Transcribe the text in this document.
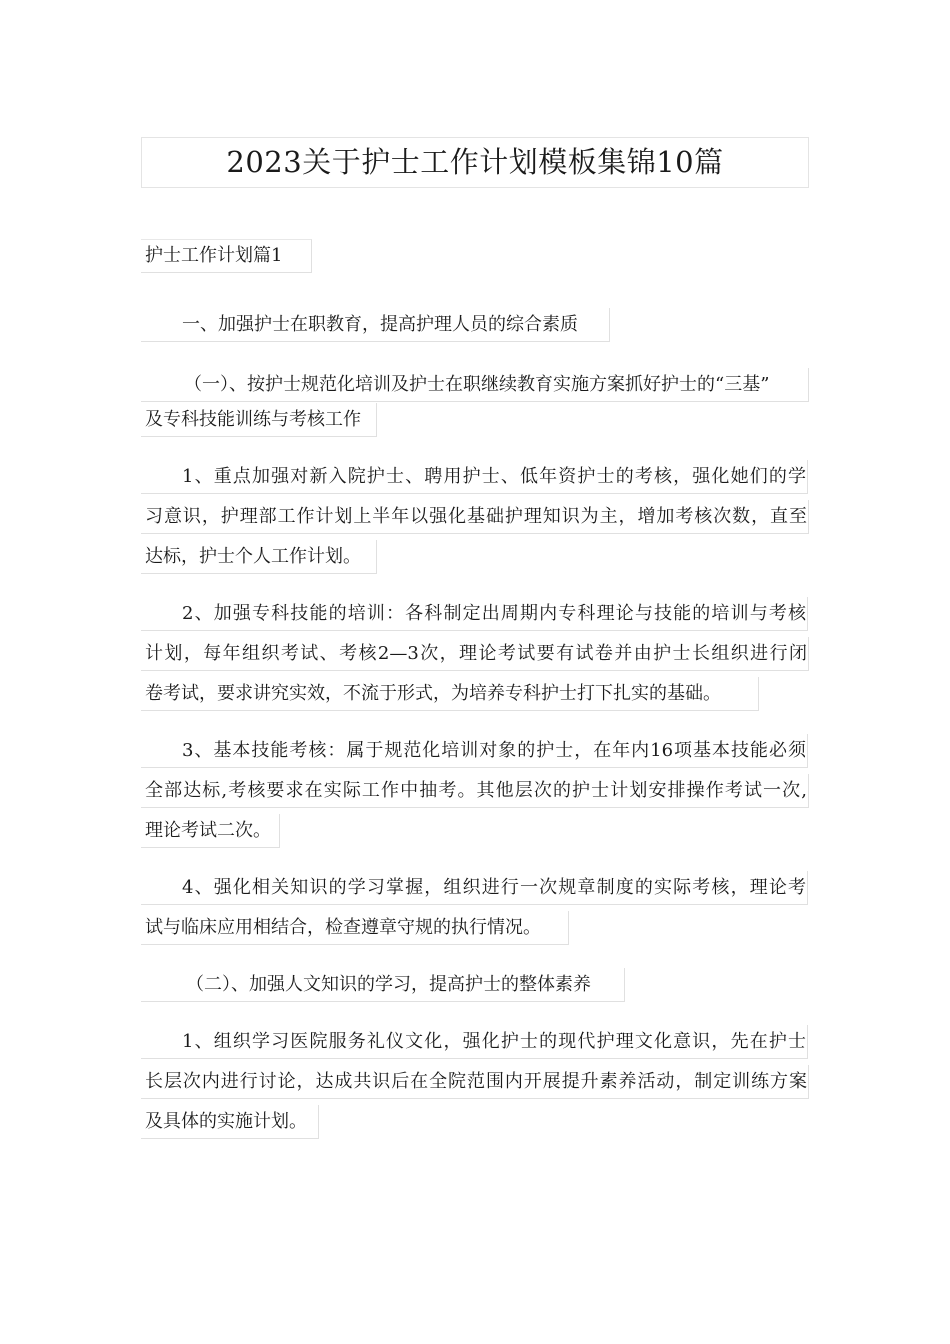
2023关于护士工作计划模板集锦10篇
护士工作计划篇1
一、加强护士在职教育，提高护理人员的综合素质
（一）、按护士规范化培训及护士在职继续教育实施方案抓好护士的“三基”
及专科技能训练与考核工作
1、重点加强对新入院护士、聘用护士、低年资护士的考核，强化她们的学
习意识，护理部工作计划上半年以强化基础护理知识为主，增加考核次数，直至
达标，护士个人工作计划。
2、加强专科技能的培训：各科制定出周期内专科理论与技能的培训与考核
计划，每年组织考试、考核2—3次，理论考试要有试卷并由护士长组织进行闭
卷考试，要求讲究实效，不流于形式，为培养专科护士打下扎实的基础。
3、基本技能考核：属于规范化培训对象的护士，在年内16项基本技能必须
全部达标,考核要求在实际工作中抽考。其他层次的护士计划安排操作考试一次,
理论考试二次。
4、强化相关知识的学习掌握，组织进行一次规章制度的实际考核，理论考
试与临床应用相结合，检查遵章守规的执行情况。
（二）、加强人文知识的学习，提高护士的整体素养
1、组织学习医院服务礼仪文化，强化护士的现代护理文化意识，先在护士
长层次内进行讨论，达成共识后在全院范围内开展提升素养活动，制定训练方案
及具体的实施计划。
